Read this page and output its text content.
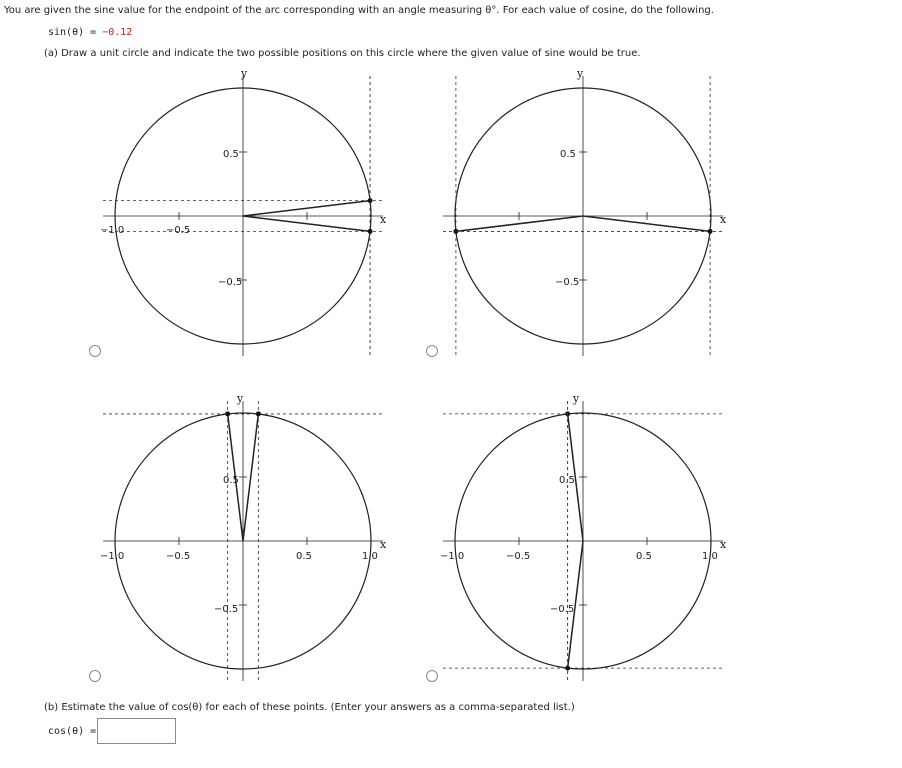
You are given the sine value for the endpoint of the arc corresponding with an angle measuring θ°. For each value of cosine, do the following.
sin(θ) = −0.12
(a) Draw a unit circle and indicate the two possible positions on this circle where the given value of sine would be true.
y
x
−1.0	−0.5
0.5
−0.5
y
x
0.5
−0.5
y
x
−1.0	−0.5	0.5	1.0
0.5
−0.5
y
x
−1.0	−0.5	0.5	1.0
0.5
−0.5
(b) Estimate the value of cos(θ) for each of these points. (Enter your answers as a comma-separated list.)
cos(θ) =
